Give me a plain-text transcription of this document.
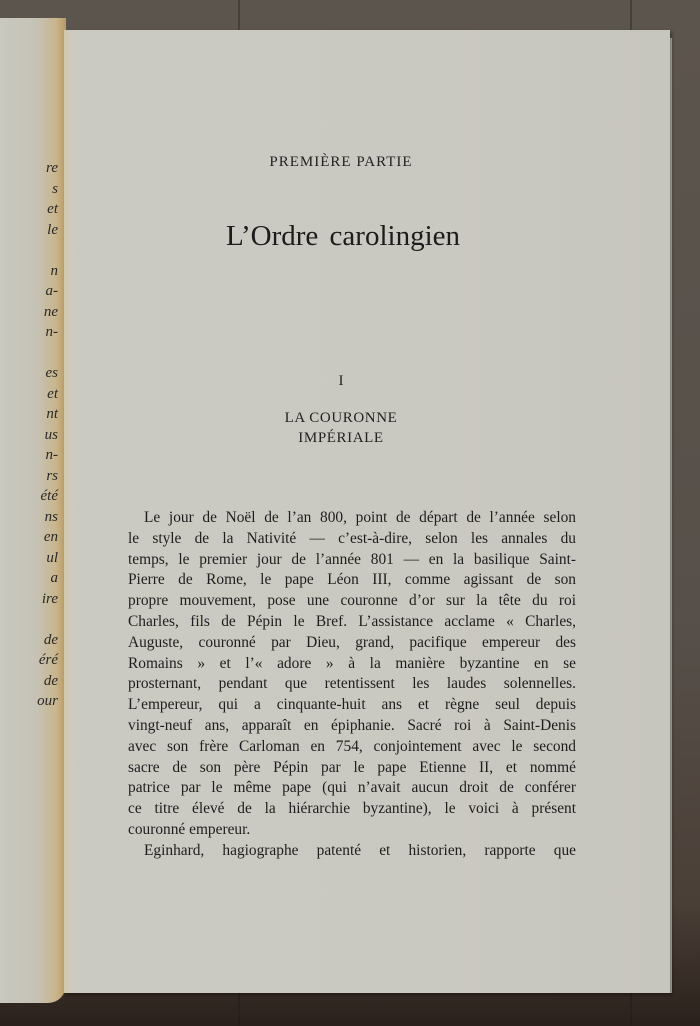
re
s
et
le
n
a-
ne
n-
es
et
nt
us
n-
rs
été
ns
en
ul
a
ire
de
éré
de
our
PREMIÈRE PARTIE
L’Ordre carolingien
I
LA COURONNE
IMPÉRIALE
Le jour de Noël de l’an 800, point de départ de l’année selon
le style de la Nativité — c’est-à-dire, selon les annales du
temps, le premier jour de l’année 801 — en la basilique Saint-
Pierre de Rome, le pape Léon III, comme agissant de son
propre mouvement, pose une couronne d’or sur la tête du roi
Charles, fils de Pépin le Bref. L’assistance acclame « Charles,
Auguste, couronné par Dieu, grand, pacifique empereur des
Romains » et l’« adore » à la manière byzantine en se
prosternant, pendant que retentissent les laudes solennelles.
L’empereur, qui a cinquante-huit ans et règne seul depuis
vingt-neuf ans, apparaît en épiphanie. Sacré roi à Saint-Denis
avec son frère Carloman en 754, conjointement avec le second
sacre de son père Pépin par le pape Etienne II, et nommé
patrice par le même pape (qui n’avait aucun droit de conférer
ce titre élevé de la hiérarchie byzantine), le voici à présent
couronné empereur.
Eginhard, hagiographe patenté et historien, rapporte que
